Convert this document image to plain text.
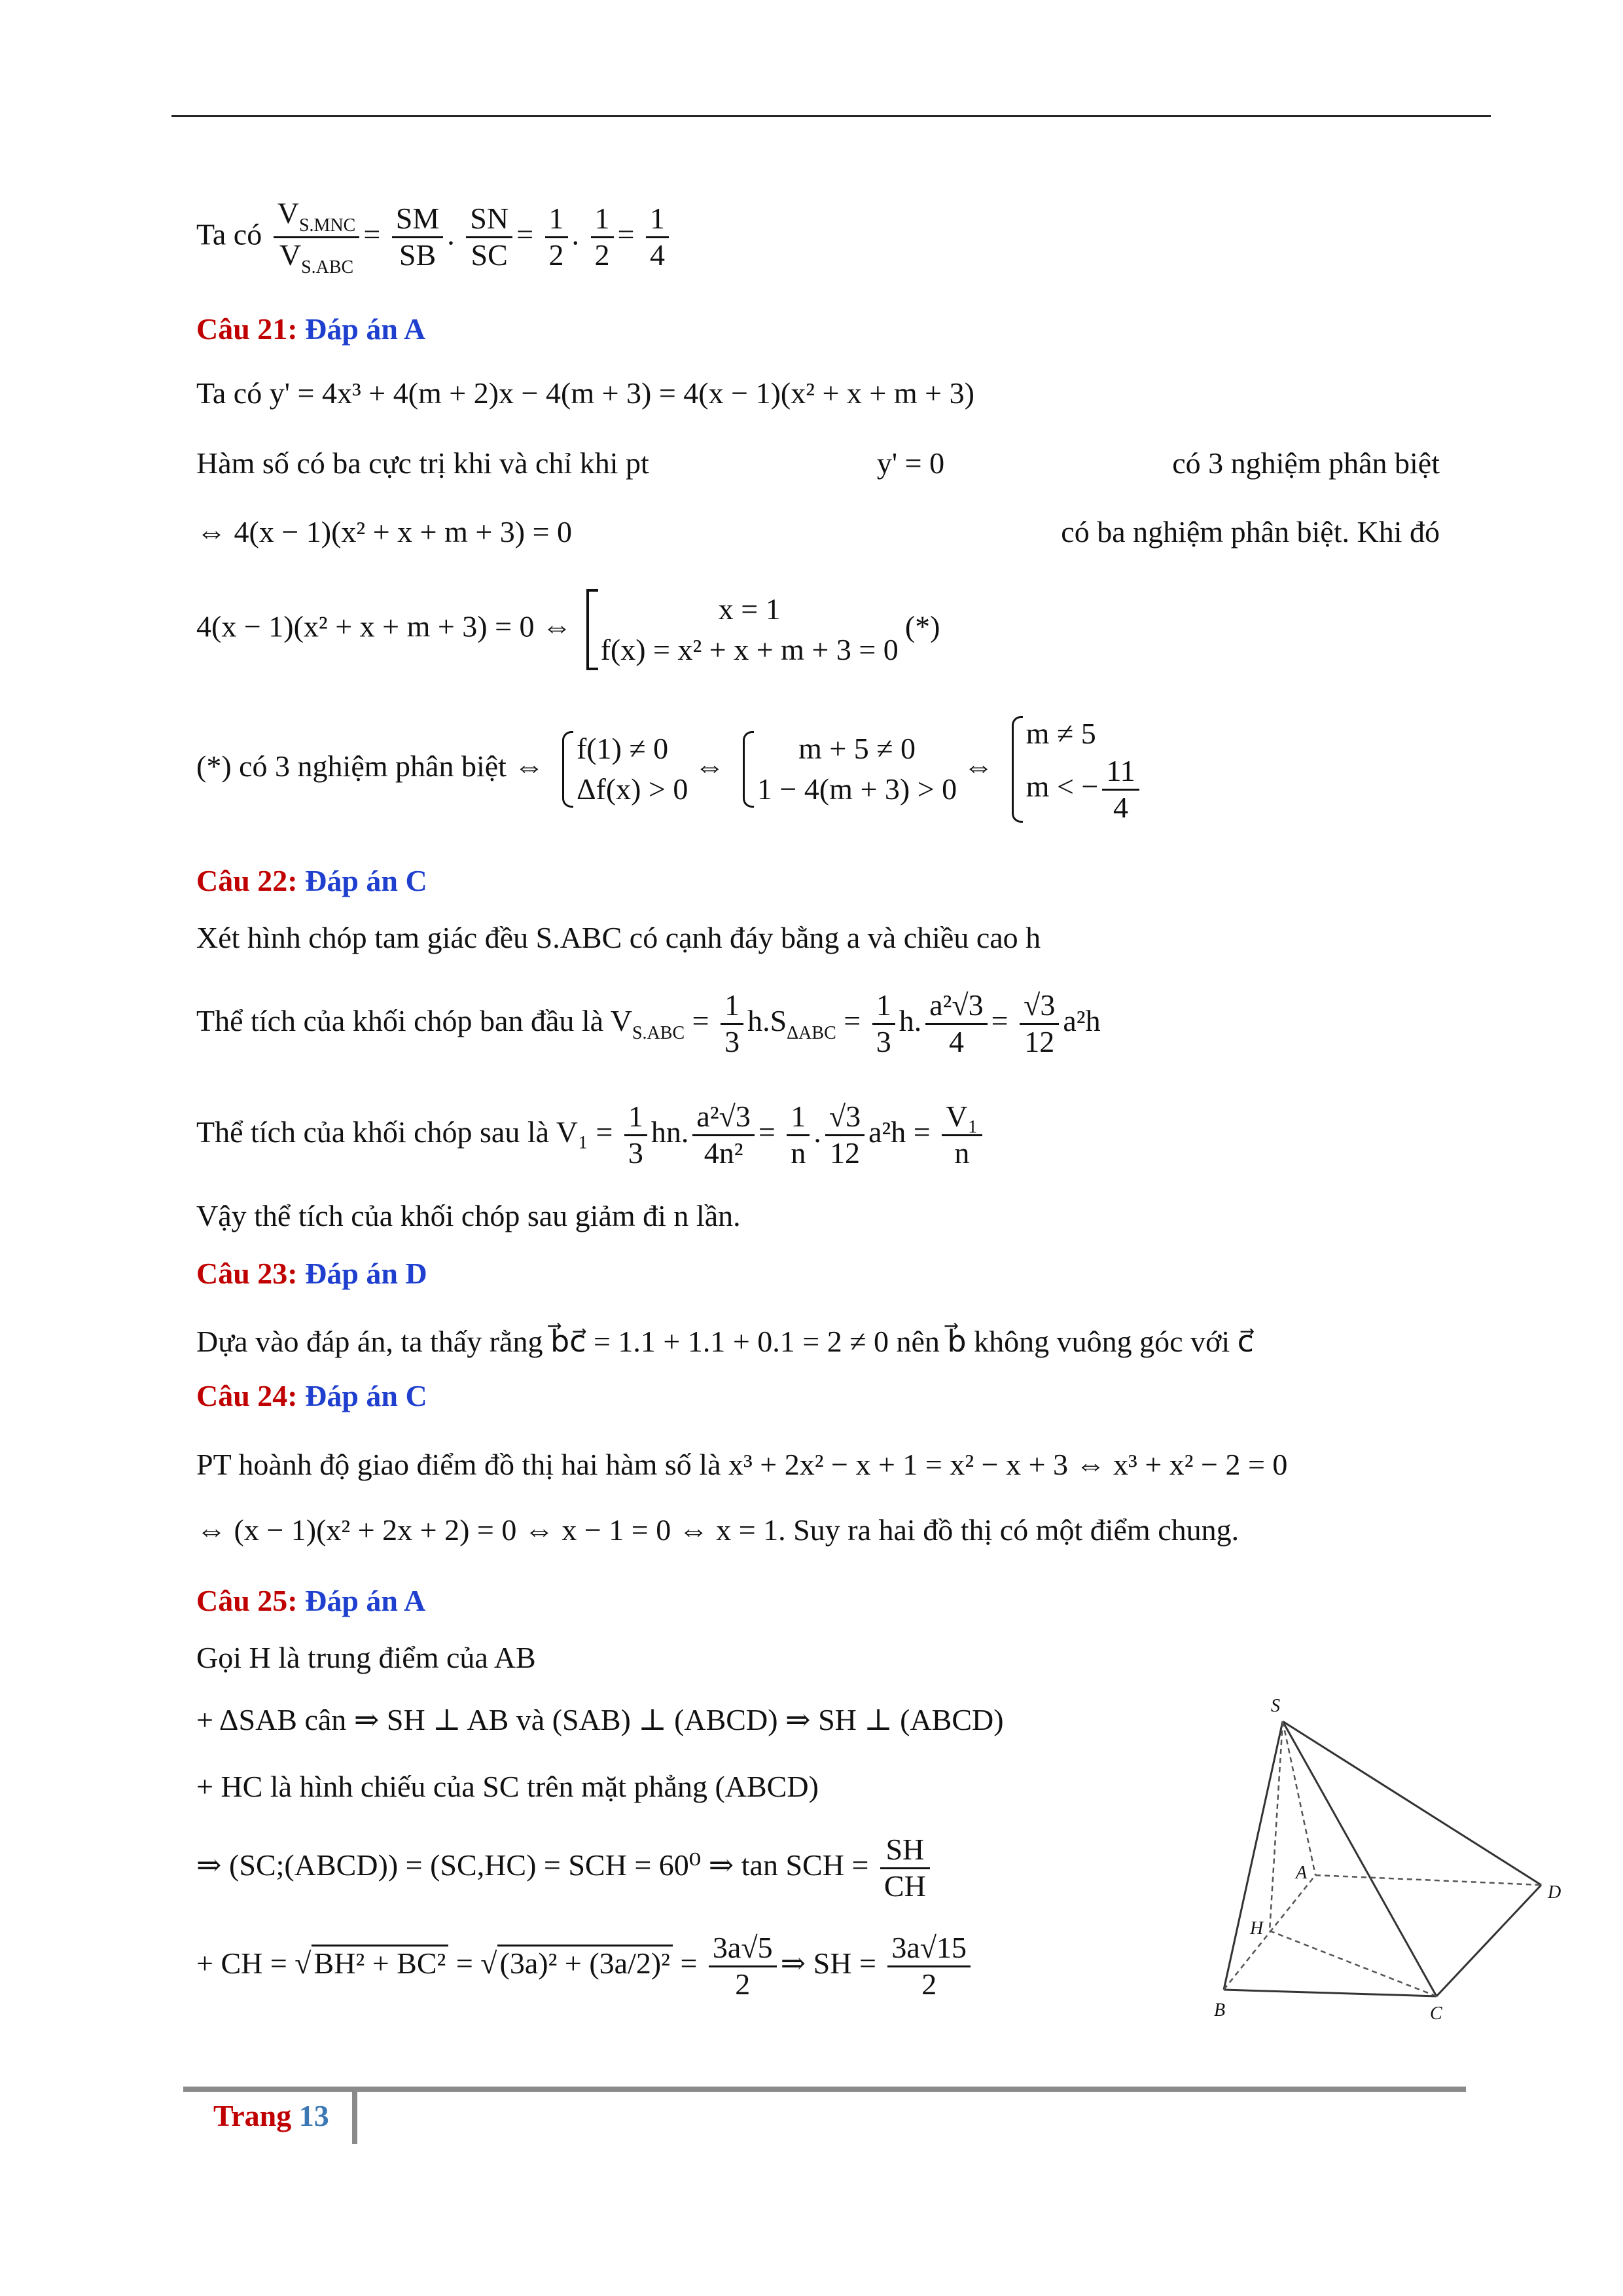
Ta có $\frac{V_{S.MNC}}{V_{S.ABC}} = \frac{SM}{SB}$ . $\frac{SN}{SC} = \frac{1}{2}$ . $\frac{1}{2} = \frac{1}{4}$
Câu 21: Đáp án A
Ta có y' = 4x³ + 4(m + 2)x − 4(m + 3) = 4(x − 1)(x² + x + m + 3)
Hàm số có ba cực trị khi và chỉ khi pt	y' = 0	có 3 nghiệm phân biệt
⇔ 4(x − 1)(x² + x + m + 3) = 0	có ba nghiệm phân biệt. Khi đó
4(x − 1)(x² + x + m + 3) = 0 ⇔
x = 1
f(x) = x² + x + m + 3 = 0
(*)
(*) có 3 nghiệm phân biệt ⇔
f(1) ≠ 0
Δf(x) > 0
⇔
m + 5 ≠ 0
1 − 4(m + 3) > 0
⇔
m ≠ 5
m < − $\frac{11}{4}$
Câu 22: Đáp án C
Xét hình chóp tam giác đều S.ABC có cạnh đáy bằng a và chiều cao h
Thể tích của khối chóp ban đầu là $V_{S.ABC} = \frac{1}{3} h.S_{\Delta ABC} = \frac{1}{3} h$. $\frac{\text{a²√3}}{4} = \frac{√3}{12} a^2h$
Thể tích của khối chóp sau là $V_1 = \frac{1}{3}$ hn. $\frac{\text{a²√3}}{\text{4n²}} = \frac{1}{n}$ . $\frac{√3}{12} a^2h = \frac{\text{V₁}}{n}$
Vậy thể tích của khối chóp sau giảm đi n lần.
Câu 23: Đáp án D
Dựa vào đáp án, ta thấy rằng b⃗c⃗ = 1.1 + 1.1 + 0.1 = 2 ≠ 0 nên b⃗ không vuông góc với c⃗
Câu 24: Đáp án C
PT hoành độ giao điểm đồ thị hai hàm số là x³ + 2x² − x + 1 = x² − x + 3 ⇔ x³ + x² − 2 = 0
⇔ (x − 1)(x² + 2x + 2) = 0 ⇔ x − 1 = 0 ⇔ x = 1. Suy ra hai đồ thị có một điểm chung.
Câu 25: Đáp án A
Gọi H là trung điểm của AB
+ ΔSAB cân ⇒ SH ⊥ AB và (SAB) ⊥ (ABCD) ⇒ SH ⊥ (ABCD)
+ HC là hình chiếu của SC trên mặt phẳng (ABCD)
⇒ (SC;(ABCD)) = (SC,HC) = SCH = 60⁰ ⇒ tan SCH = $\frac{SH}{CH}$
+ CH = $√BH^2 + BC^2 = √(3a)^2 + (3a/2)^2 = \frac{3a√5}{2}$ ⇒ SH = $\frac{3a√15}{2}$
S
A
H
B	C
D
Trang 13
